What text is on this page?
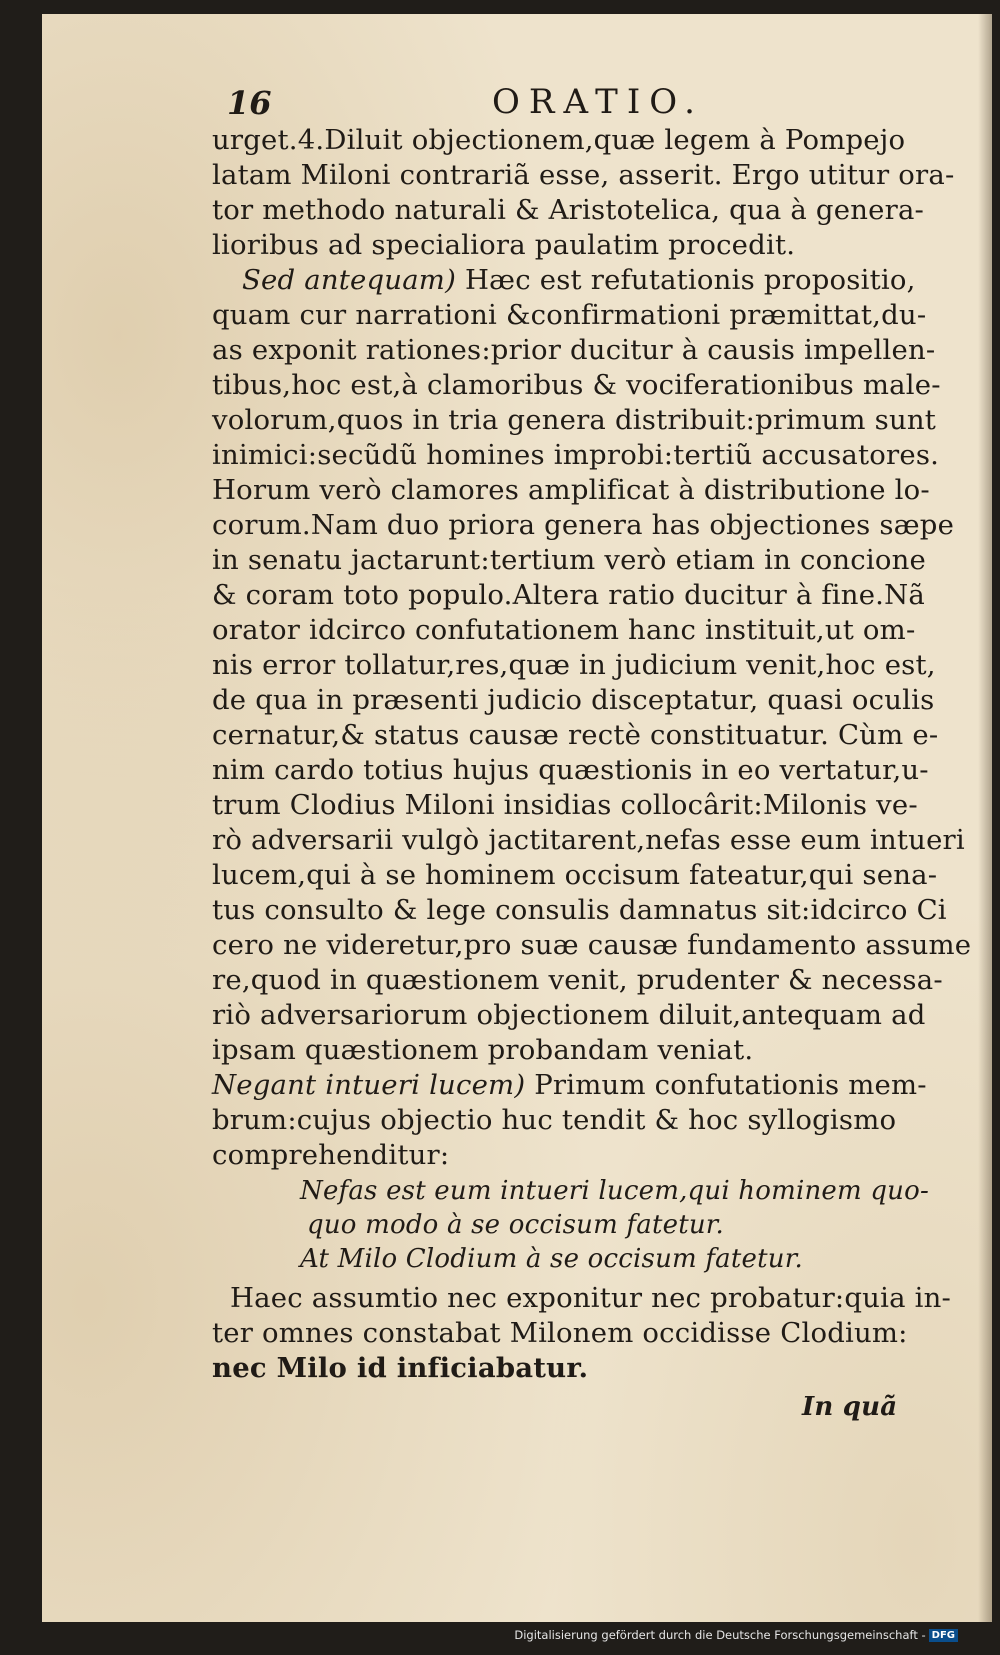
16	ORATIO.
urget.4.Diluit objectionem,quæ legem à Pompejo
latam Miloni contrariã esse, asserit. Ergo utitur ora-
tor methodo naturali & Aristotelica, qua à genera-
lioribus ad specialiora paulatim procedit.
Sed antequam) Hæc est refutationis propositio,
quam cur narrationi &confirmationi præmittat,du-
as exponit rationes:prior ducitur à causis impellen-
tibus,hoc est,à clamoribus & vociferationibus male-
volorum,quos in tria genera distribuit:primum sunt
inimici:secũdũ homines improbi:tertiũ accusatores.
Horum verò clamores amplificat à distributione lo-
corum.Nam duo priora genera has objectiones sæpe
in senatu jactarunt:tertium verò etiam in concione
& coram toto populo.Altera ratio ducitur à fine.Nã
orator idcirco confutationem hanc instituit,ut om-
nis error tollatur,res,quæ in judicium venit,hoc est,
de qua in præsenti judicio disceptatur, quasi oculis
cernatur,& status causæ rectè constituatur. Cùm e-
nim cardo totius hujus quæstionis in eo vertatur,u-
trum Clodius Miloni insidias collocârit:Milonis ve-
rò adversarii vulgò jactitarent,nefas esse eum intueri
lucem,qui à se hominem occisum fateatur,qui sena-
tus consulto & lege consulis damnatus sit:idcirco Ci
cero ne videretur,pro suæ causæ fundamento assume
re,quod in quæstionem venit, prudenter & necessa-
riò adversariorum objectionem diluit,antequam ad
ipsam quæstionem probandam veniat.
Negant intueri lucem) Primum confutationis mem-
brum:cujus objectio huc tendit & hoc syllogismo
comprehenditur:
Nefas est eum intueri lucem,qui hominem quo-
quo modo à se occisum fatetur.
At Milo Clodium à se occisum fatetur.
Haec assumtio nec exponitur nec probatur:quia in-
ter omnes constabat Milonem occidisse Clodium:
nec Milo id inficiabatur.
In quã
Digitalisierung gefördert durch die Deutsche Forschungsgemeinschaft - DFG
